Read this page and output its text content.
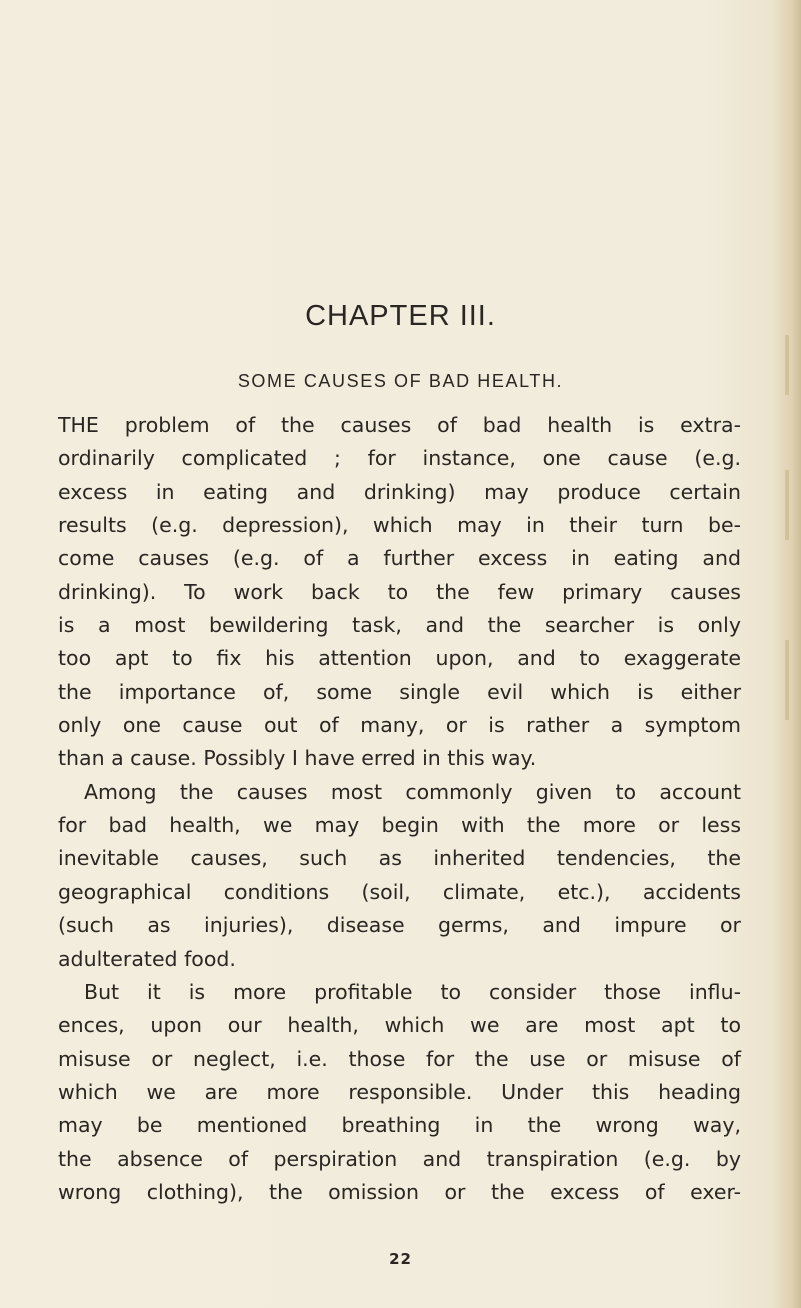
CHAPTER III.
SOME CAUSES OF BAD HEALTH.
THE problem of the causes of bad health is extra-
ordinarily complicated ; for instance, one cause (e.g.
excess in eating and drinking) may produce certain
results (e.g. depression), which may in their turn be-
come causes (e.g. of a further excess in eating and
drinking). To work back to the few primary causes
is a most bewildering task, and the searcher is only
too apt to fix his attention upon, and to exaggerate
the importance of, some single evil which is either
only one cause out of many, or is rather a symptom
than a cause. Possibly I have erred in this way.
Among the causes most commonly given to account
for bad health, we may begin with the more or less
inevitable causes, such as inherited tendencies, the
geographical conditions (soil, climate, etc.), accidents
(such as injuries), disease germs, and impure or
adulterated food.
But it is more profitable to consider those influ-
ences, upon our health, which we are most apt to
misuse or neglect, i.e. those for the use or misuse of
which we are more responsible. Under this heading
may be mentioned breathing in the wrong way,
the absence of perspiration and transpiration (e.g. by
wrong clothing), the omission or the excess of exer-
22
